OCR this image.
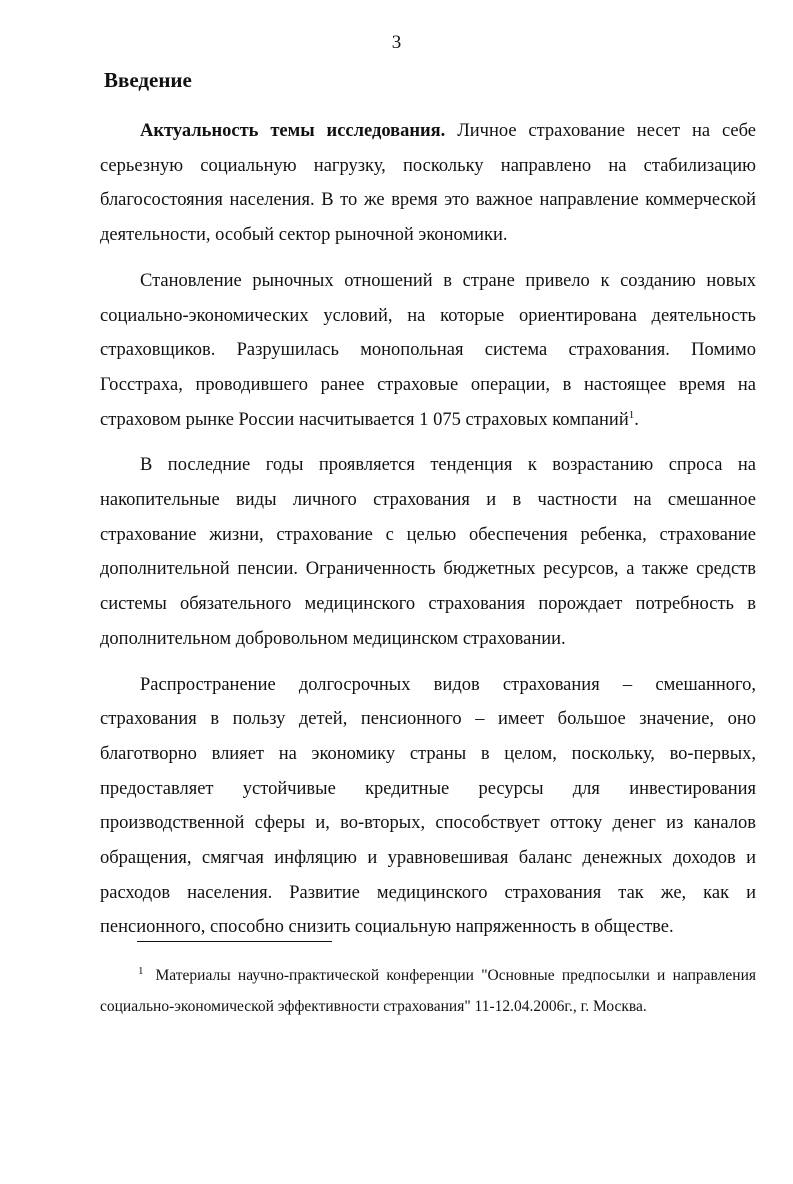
3
Введение

Актуальность темы исследования. Личное страхование несет на себе серьезную социальную нагрузку, поскольку направлено на стабилизацию благосостояния населения. В то же время это важное направление коммерческой деятельности, особый сектор рыночной экономики.

Становление рыночных отношений в стране привело к созданию новых социально-экономических условий, на которые ориентирована деятельность страховщиков. Разрушилась монопольная система страхования. Помимо Госстраха, проводившего ранее страховые операции, в настоящее время на страховом рынке России насчитывается 1 075 страховых компаний$^1$.

В последние годы проявляется тенденция к возрастанию спроса на накопительные виды личного страхования и в частности на смешанное страхование жизни, страхование с целью обеспечения ребенка, страхование дополнительной пенсии. Ограниченность бюджетных ресурсов, а также средств системы обязательного медицинского страхования порождает потребность в дополнительном добровольном медицинском страховании.

Распространение долгосрочных видов страхования – смешанного, страхования в пользу детей, пенсионного – имеет большое значение, оно благотворно влияет на экономику страны в целом, поскольку, во-первых, предоставляет устойчивые кредитные ресурсы для инвестирования производственной сферы и, во-вторых, способствует оттоку денег из каналов обращения, смягчая инфляцию и уравновешивая баланс денежных доходов и расходов населения. Развитие медицинского страхования так же, как и пенсионного, способно снизить социальную напряженность в обществе.

$^1$ Материалы научно-практической конференции "Основные предпосылки и направления социально-экономической эффективности страхования" 11-12.04.2006г., г. Москва.
